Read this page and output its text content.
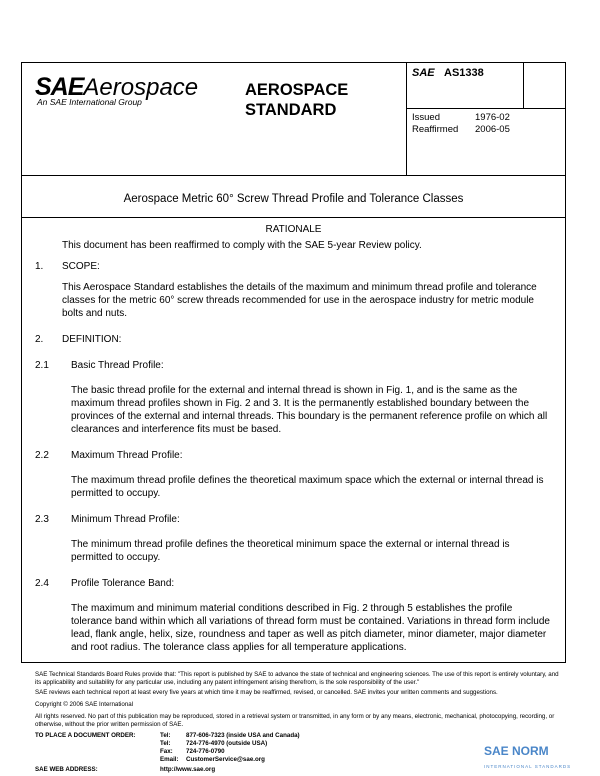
SAEAerospace
An SAE International Group
AEROSPACE
STANDARD
SAE AS1338
Issued	1976-02
Reaffirmed 2006-05
Aerospace Metric 60° Screw Thread Profile and Tolerance Classes
RATIONALE
This document has been reaffirmed to comply with the SAE 5-year Review policy.
1. SCOPE:
This Aerospace Standard establishes the details of the maximum and minimum thread profile and tolerance classes for the metric 60° screw threads recommended for use in the aerospace industry for metric module bolts and nuts.
2. DEFINITION:
2.1 Basic Thread Profile:
The basic thread profile for the external and internal thread is shown in Fig. 1, and is the same as the maximum thread profiles shown in Fig. 2 and 3. It is the permanently established boundary between the provinces of the external and internal threads. This boundary is the permanent reference profile on which all clearances and interference fits must be based.
2.2 Maximum Thread Profile:
The maximum thread profile defines the theoretical maximum space which the external or internal thread is permitted to occupy.
2.3 Minimum Thread Profile:
The minimum thread profile defines the theoretical minimum space the external or internal thread is permitted to occupy.
2.4 Profile Tolerance Band:
The maximum and minimum material conditions described in Fig. 2 through 5 establishes the profile tolerance band within which all variations of thread form must be contained. Variations in thread form include lead, flank angle, helix, size, roundness and taper as well as pitch diameter, minor diameter, major diameter and root radius. The tolerance class applies for all temperature applications.
SAE Technical Standards Board Rules provide that: "This report is published by SAE to advance the state of technical and engineering sciences. The use of this report is entirely voluntary, and its applicability and suitability for any particular use, including any patent infringement arising therefrom, is the sole responsibility of the user."
SAE reviews each technical report at least every five years at which time it may be reaffirmed, revised, or cancelled. SAE invites your written comments and suggestions.
Copyright © 2006 SAE International
All rights reserved. No part of this publication may be reproduced, stored in a retrieval system or transmitted, in any form or by any means, electronic, mechanical, photocopying, recording, or otherwise, without the prior written permission of SAE.
TO PLACE A DOCUMENT ORDER:	Tel: 877-606-7323 (inside USA and Canada)
Tel: 724-776-4970 (outside USA)
Fax: 724-776-0790
Email: CustomerService@sae.org
SAE WEB ADDRESS:	http://www.sae.org
SAE NORM
INTERNATIONAL STANDARDS
